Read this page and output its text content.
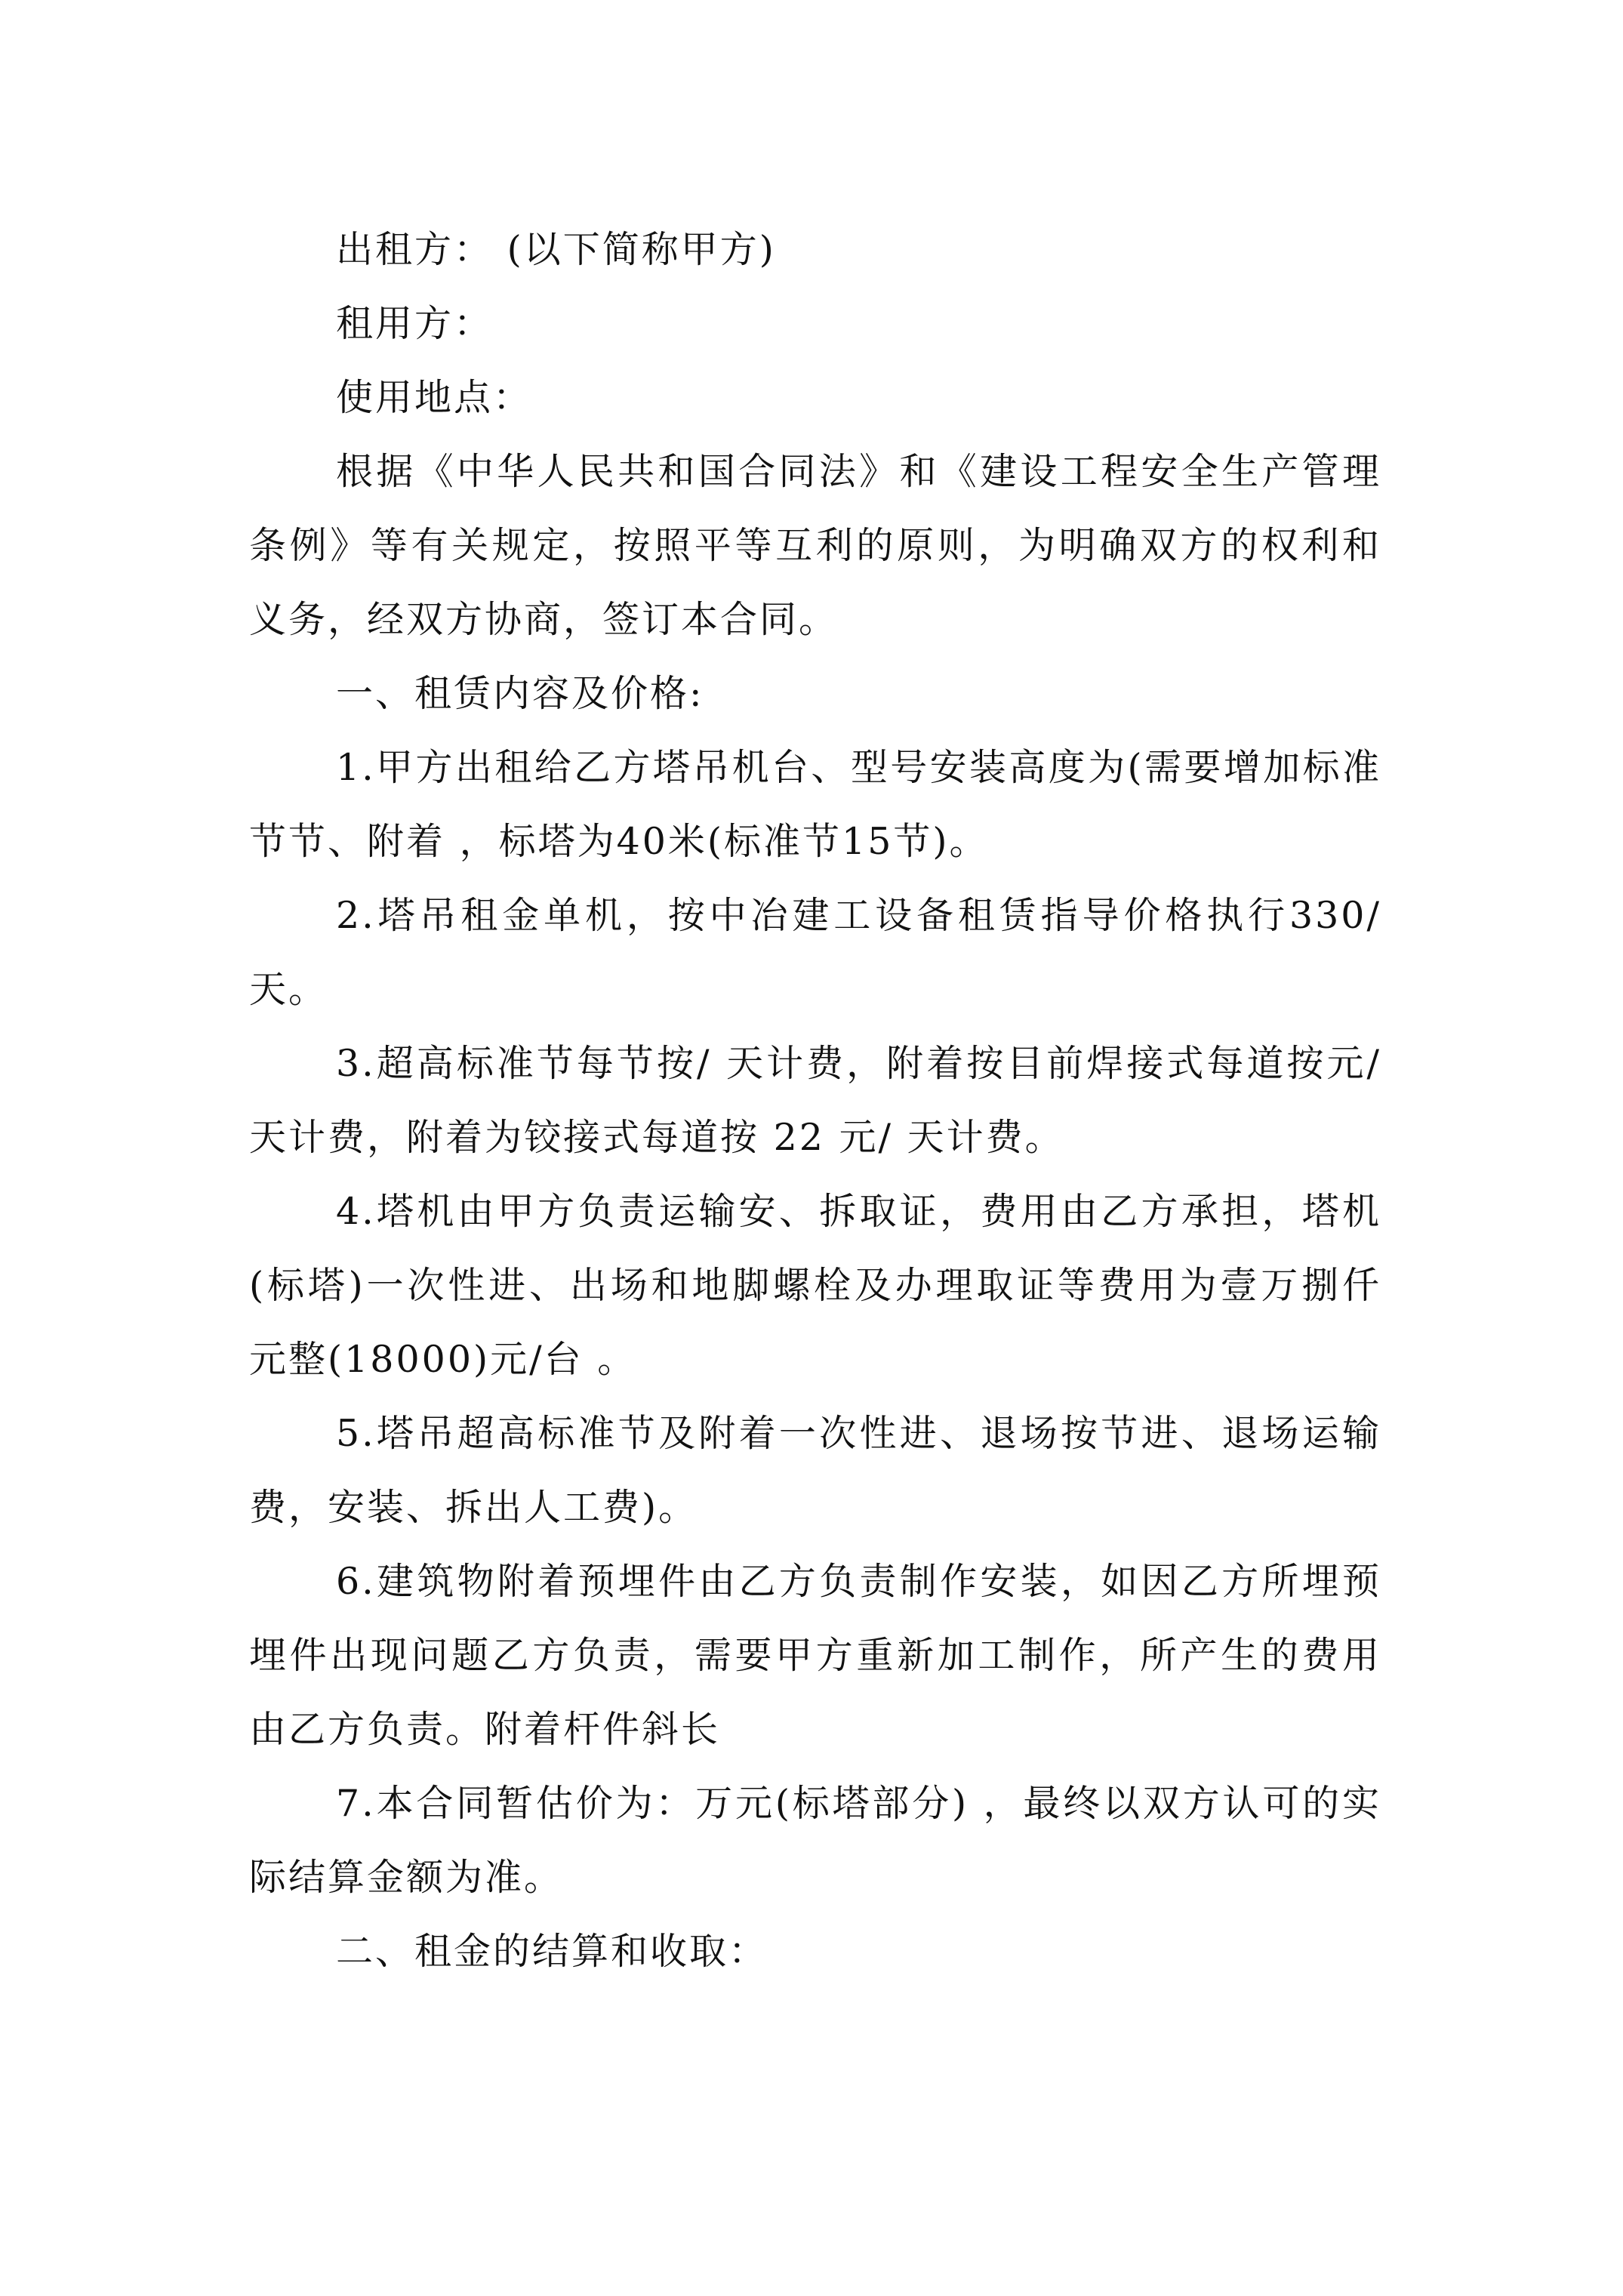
出租方： (以下简称甲方)

租用方：

使用地点：

根据《中华人民共和国合同法》和《建设工程安全生产管理条例》等有关规定，按照平等互利的原则，为明确双方的权利和义务，经双方协商，签订本合同。

一、租赁内容及价格:

1.甲方出租给乙方塔吊机台、型号安装高度为(需要增加标准节节、附着 ，标塔为40米(标准节15节)。

2.塔吊租金单机，按中冶建工设备租赁指导价格执行330/天。

3.超高标准节每节按/ 天计费，附着按目前焊接式每道按元/天计费，附着为铰接式每道按 22 元/ 天计费。

4.塔机由甲方负责运输安、拆取证，费用由乙方承担，塔机(标塔)一次性进、出场和地脚螺栓及办理取证等费用为壹万捌仟元整(18000)元/台 。

5.塔吊超高标准节及附着一次性进、退场按节进、退场运输费，安装、拆出人工费)。

6.建筑物附着预埋件由乙方负责制作安装，如因乙方所埋预埋件出现问题乙方负责，需要甲方重新加工制作，所产生的费用由乙方负责。附着杆件斜长

7.本合同暂估价为：万元(标塔部分) ，最终以双方认可的实际结算金额为准。

二、租金的结算和收取：
